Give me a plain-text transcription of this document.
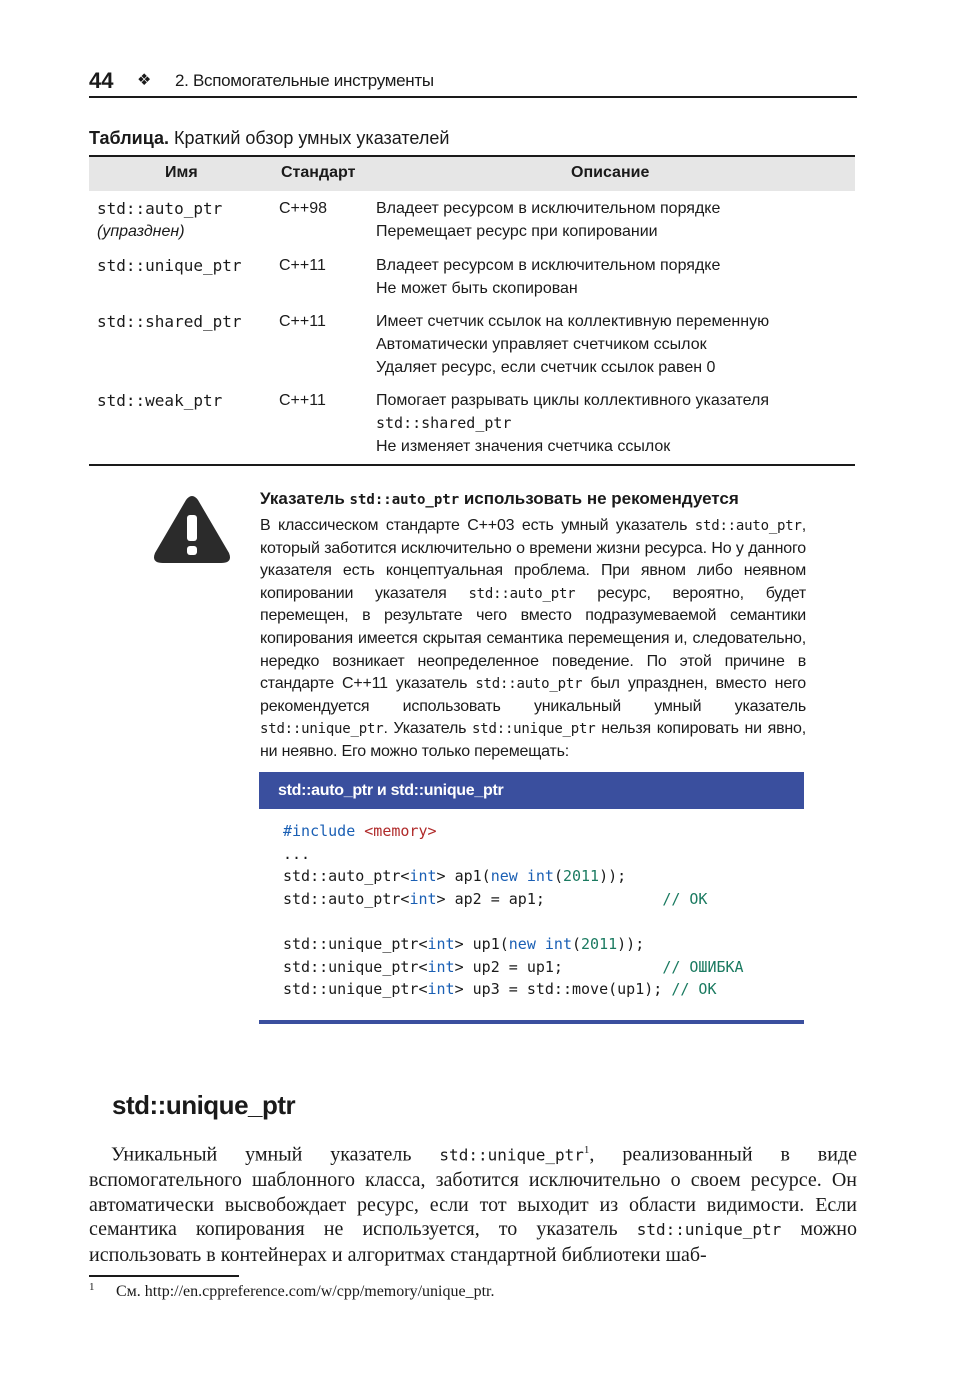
44 ❖ 2. Вспомогательные инструменты
Таблица. Краткий обзор умных указателей
Имя	Стандарт	Описание
std::auto_ptr
(упразднен)
C++98	Владеет ресурсом в исключительном порядке
Перемещает ресурс при копировании
std::unique_ptr C++11	Владеет ресурсом в исключительном порядке
Не может быть скопирован
std::shared_ptr C++11	Имеет счетчик ссылок на коллективную переменную
Автоматически управляет счетчиком ссылок
Удаляет ресурс, если счетчик ссылок равен 0
std::weak_ptr	C++11	Помогает разрывать циклы коллективного указателя
std::shared_ptr
Не изменяет значения счетчика ссылок
Указатель std::auto_ptr использовать не рекомендуется
В классическом стандарте С++03 есть умный указатель std::auto_ptr, который заботится исключительно о времени жизни ресурса. Но у данного указателя есть концептуальная проблема. При явном либо неявном копировании указателя std::auto_ptr ресурс, вероятно, будет перемещен, в результате чего вместо подразумеваемой семантики копирования имеется скрытая семантика перемещения и, следовательно, нередко возникает неопределенное поведение. По этой причине в стандарте С++11 указатель std::auto_ptr был упразднен, вместо него рекомендуется использовать уникальный умный указатель std::unique_ptr. Указатель std::unique_ptr нельзя копировать ни явно, ни неявно. Его можно только перемещать:
std::auto_ptr и std::unique_ptr
#include <memory>
...
std::auto_ptr<int> ap1(new int(2011));
std::auto_ptr<int> ap2 = ap1;             // OK
std::unique_ptr<int> up1(new int(2011));
std::unique_ptr<int> up2 = up1;           // ОШИБКА
std::unique_ptr<int> up3 = std::move(up1); // OK
std::unique_ptr
Уникальный умный указатель std::unique_ptr$^1$, реализованный в виде вспомогательного шаблонного класса, заботится исключительно о своем ресурсе. Он автоматически высвобождает ресурс, если тот выходит из области видимости. Если семантика копирования не используется, то указатель std::unique_ptr можно использовать в контейнерах и алгоритмах стандартной библиотеки шаб-
1 См. http://en.cppreference.com/w/cpp/memory/unique_ptr.
